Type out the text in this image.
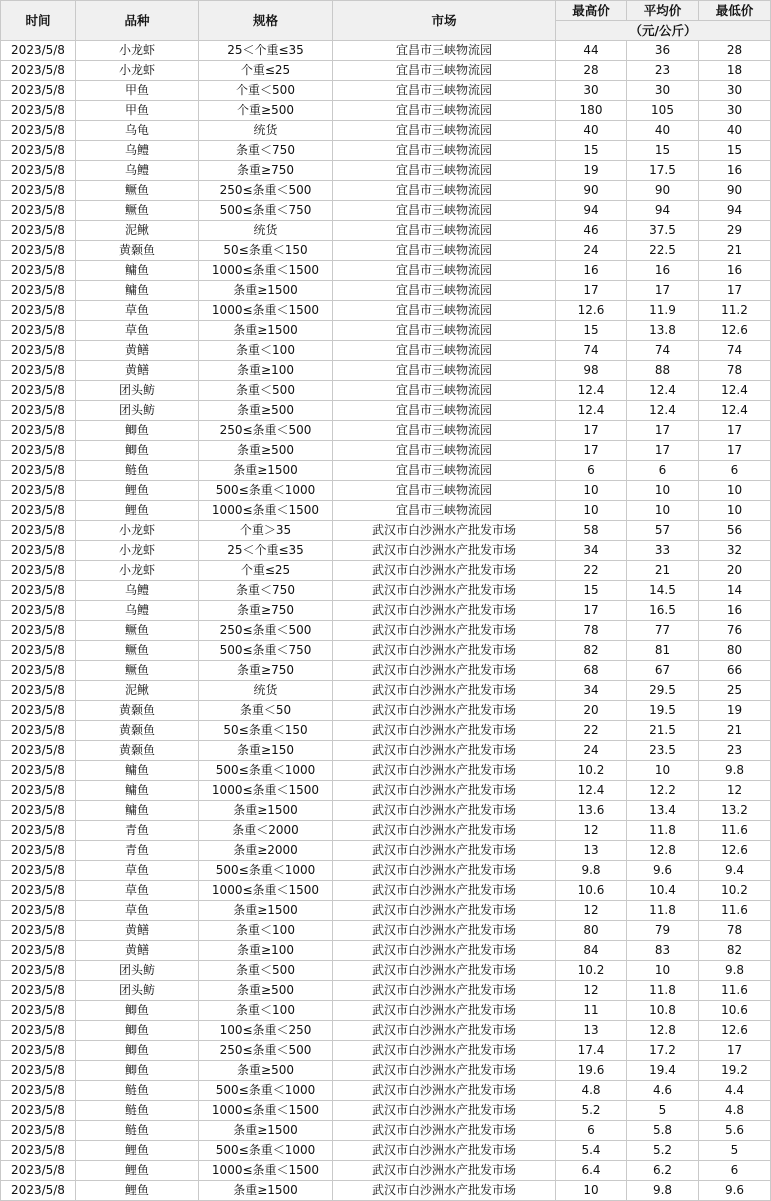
时间	品种	规格	市场	最高价	平均价	最低价
				（元/公斤）		
2023/5/8	小龙虾	25＜个重≤35	宜昌市三峡物流园	44	36	28
2023/5/8	小龙虾	个重≤25	宜昌市三峡物流园	28	23	18
2023/5/8	甲鱼	个重＜500	宜昌市三峡物流园	30	30	30
2023/5/8	甲鱼	个重≥500	宜昌市三峡物流园	180	105	30
2023/5/8	乌龟	统货	宜昌市三峡物流园	40	40	40
2023/5/8	乌鳢	条重＜750	宜昌市三峡物流园	15	15	15
2023/5/8	乌鳢	条重≥750	宜昌市三峡物流园	19	17.5	16
2023/5/8	鳜鱼	250≤条重＜500	宜昌市三峡物流园	90	90	90
2023/5/8	鳜鱼	500≤条重＜750	宜昌市三峡物流园	94	94	94
2023/5/8	泥鳅	统货	宜昌市三峡物流园	46	37.5	29
2023/5/8	黄颡鱼	50≤条重＜150	宜昌市三峡物流园	24	22.5	21
2023/5/8	鳙鱼	1000≤条重＜1500	宜昌市三峡物流园	16	16	16
2023/5/8	鳙鱼	条重≥1500	宜昌市三峡物流园	17	17	17
2023/5/8	草鱼	1000≤条重＜1500	宜昌市三峡物流园	12.6	11.9	11.2
2023/5/8	草鱼	条重≥1500	宜昌市三峡物流园	15	13.8	12.6
2023/5/8	黄鳝	条重＜100	宜昌市三峡物流园	74	74	74
2023/5/8	黄鳝	条重≥100	宜昌市三峡物流园	98	88	78
2023/5/8	团头鲂	条重＜500	宜昌市三峡物流园	12.4	12.4	12.4
2023/5/8	团头鲂	条重≥500	宜昌市三峡物流园	12.4	12.4	12.4
2023/5/8	鲫鱼	250≤条重＜500	宜昌市三峡物流园	17	17	17
2023/5/8	鲫鱼	条重≥500	宜昌市三峡物流园	17	17	17
2023/5/8	鲢鱼	条重≥1500	宜昌市三峡物流园	6	6	6
2023/5/8	鲤鱼	500≤条重＜1000	宜昌市三峡物流园	10	10	10
2023/5/8	鲤鱼	1000≤条重＜1500	宜昌市三峡物流园	10	10	10
2023/5/8	小龙虾	个重＞35	武汉市白沙洲水产批发市场	58	57	56
2023/5/8	小龙虾	25＜个重≤35	武汉市白沙洲水产批发市场	34	33	32
2023/5/8	小龙虾	个重≤25	武汉市白沙洲水产批发市场	22	21	20
2023/5/8	乌鳢	条重＜750	武汉市白沙洲水产批发市场	15	14.5	14
2023/5/8	乌鳢	条重≥750	武汉市白沙洲水产批发市场	17	16.5	16
2023/5/8	鳜鱼	250≤条重＜500	武汉市白沙洲水产批发市场	78	77	76
2023/5/8	鳜鱼	500≤条重＜750	武汉市白沙洲水产批发市场	82	81	80
2023/5/8	鳜鱼	条重≥750	武汉市白沙洲水产批发市场	68	67	66
2023/5/8	泥鳅	统货	武汉市白沙洲水产批发市场	34	29.5	25
2023/5/8	黄颡鱼	条重＜50	武汉市白沙洲水产批发市场	20	19.5	19
2023/5/8	黄颡鱼	50≤条重＜150	武汉市白沙洲水产批发市场	22	21.5	21
2023/5/8	黄颡鱼	条重≥150	武汉市白沙洲水产批发市场	24	23.5	23
2023/5/8	鳙鱼	500≤条重＜1000	武汉市白沙洲水产批发市场	10.2	10	9.8
2023/5/8	鳙鱼	1000≤条重＜1500	武汉市白沙洲水产批发市场	12.4	12.2	12
2023/5/8	鳙鱼	条重≥1500	武汉市白沙洲水产批发市场	13.6	13.4	13.2
2023/5/8	青鱼	条重＜2000	武汉市白沙洲水产批发市场	12	11.8	11.6
2023/5/8	青鱼	条重≥2000	武汉市白沙洲水产批发市场	13	12.8	12.6
2023/5/8	草鱼	500≤条重＜1000	武汉市白沙洲水产批发市场	9.8	9.6	9.4
2023/5/8	草鱼	1000≤条重＜1500	武汉市白沙洲水产批发市场	10.6	10.4	10.2
2023/5/8	草鱼	条重≥1500	武汉市白沙洲水产批发市场	12	11.8	11.6
2023/5/8	黄鳝	条重＜100	武汉市白沙洲水产批发市场	80	79	78
2023/5/8	黄鳝	条重≥100	武汉市白沙洲水产批发市场	84	83	82
2023/5/8	团头鲂	条重＜500	武汉市白沙洲水产批发市场	10.2	10	9.8
2023/5/8	团头鲂	条重≥500	武汉市白沙洲水产批发市场	12	11.8	11.6
2023/5/8	鲫鱼	条重＜100	武汉市白沙洲水产批发市场	11	10.8	10.6
2023/5/8	鲫鱼	100≤条重＜250	武汉市白沙洲水产批发市场	13	12.8	12.6
2023/5/8	鲫鱼	250≤条重＜500	武汉市白沙洲水产批发市场	17.4	17.2	17
2023/5/8	鲫鱼	条重≥500	武汉市白沙洲水产批发市场	19.6	19.4	19.2
2023/5/8	鲢鱼	500≤条重＜1000	武汉市白沙洲水产批发市场	4.8	4.6	4.4
2023/5/8	鲢鱼	1000≤条重＜1500	武汉市白沙洲水产批发市场	5.2	5	4.8
2023/5/8	鲢鱼	条重≥1500	武汉市白沙洲水产批发市场	6	5.8	5.6
2023/5/8	鲤鱼	500≤条重＜1000	武汉市白沙洲水产批发市场	5.4	5.2	5
2023/5/8	鲤鱼	1000≤条重＜1500	武汉市白沙洲水产批发市场	6.4	6.2	6
2023/5/8	鲤鱼	条重≥1500	武汉市白沙洲水产批发市场	10	9.8	9.6
